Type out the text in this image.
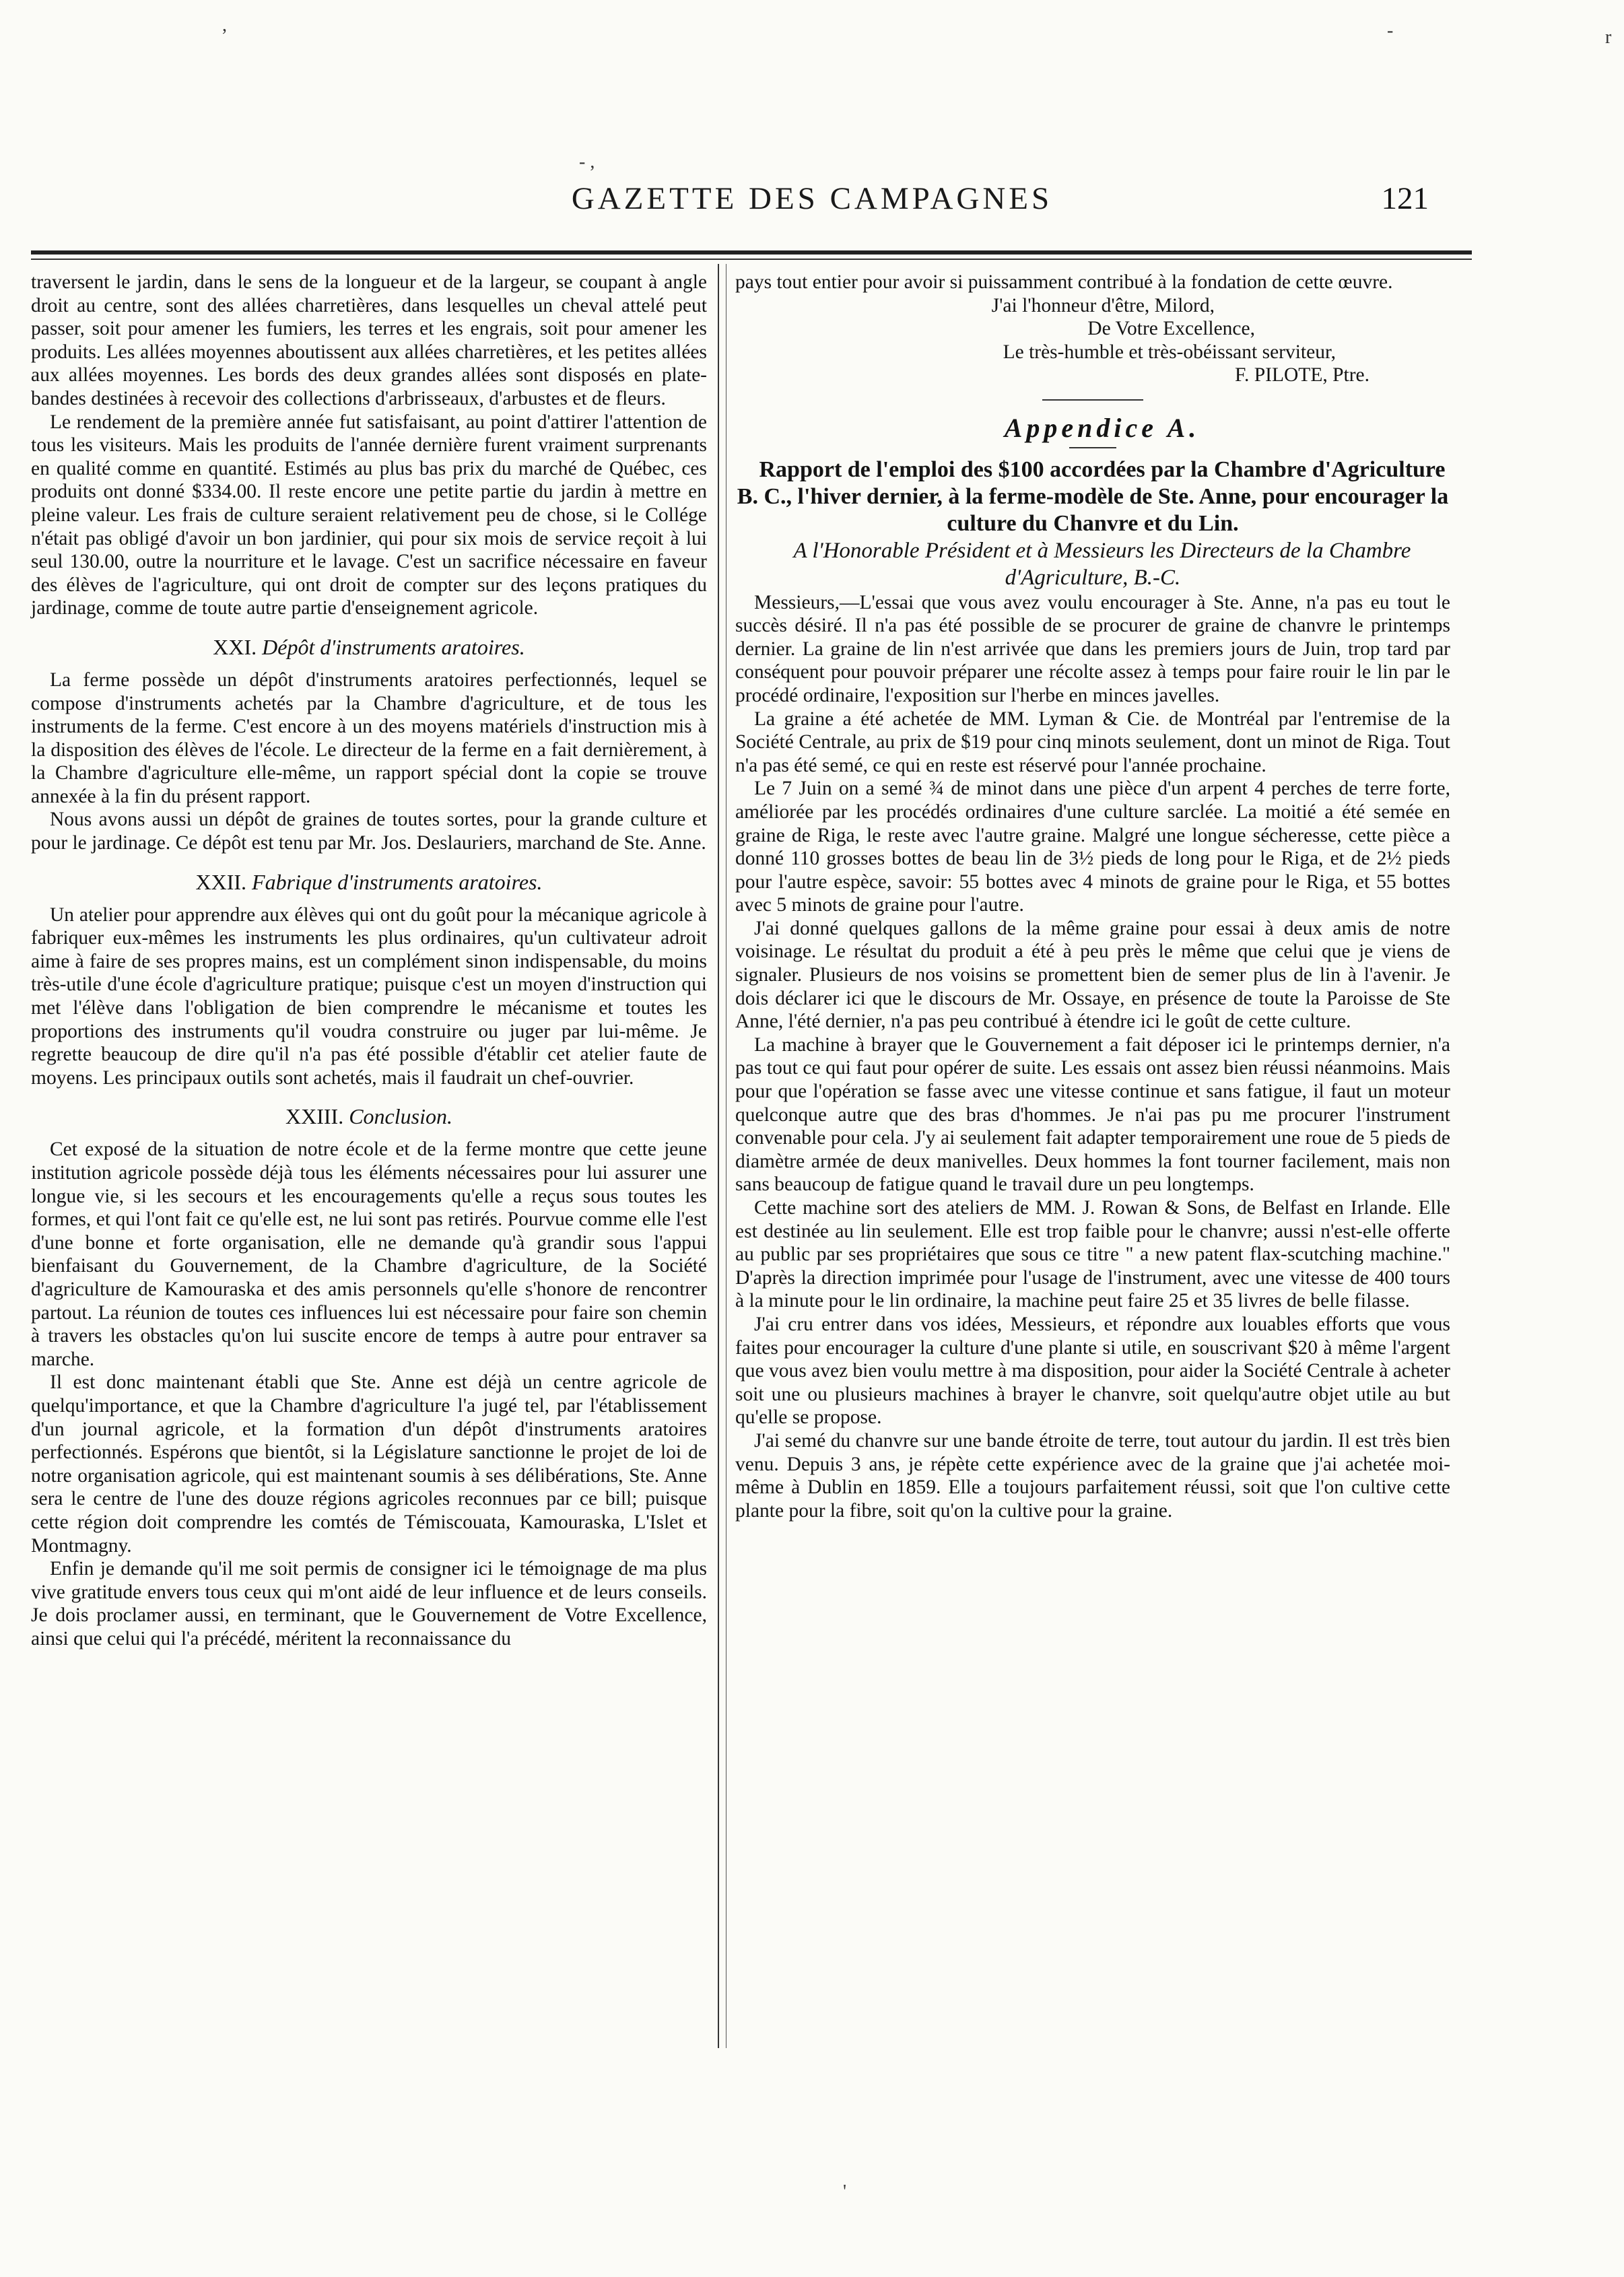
,	-	r
- ,
GAZETTE DES CAMPAGNES	121

traversent le jardin, dans le sens de la longueur et de la largeur, se coupant à angle droit au centre, sont des allées charretières, dans lesquelles un cheval attelé peut passer, soit pour amener les fumiers, les terres et les engrais, soit pour amener les produits. Les allées moyennes aboutissent aux allées charretières, et les petites allées aux allées moyennes. Les bords des deux grandes allées sont disposés en plate-bandes destinées à recevoir des collections d'arbrisseaux, d'arbustes et de fleurs.

Le rendement de la première année fut satisfaisant, au point d'attirer l'attention de tous les visiteurs. Mais les produits de l'année dernière furent vraiment surprenants en qualité comme en quantité. Estimés au plus bas prix du marché de Québec, ces produits ont donné $334.00. Il reste encore une petite partie du jardin à mettre en pleine valeur. Les frais de culture seraient relativement peu de chose, si le Collége n'était pas obligé d'avoir un bon jardinier, qui pour six mois de service reçoit à lui seul 130.00, outre la nourriture et le lavage. C'est un sacrifice nécessaire en faveur des élèves de l'agriculture, qui ont droit de compter sur des leçons pratiques du jardinage, comme de toute autre partie d'enseignement agricole.

XXI. Dépôt d'instruments aratoires.

La ferme possède un dépôt d'instruments aratoires perfectionnés, lequel se compose d'instruments achetés par la Chambre d'agriculture, et de tous les instruments de la ferme. C'est encore à un des moyens matériels d'instruction mis à la disposition des élèves de l'école. Le directeur de la ferme en a fait dernièrement, à la Chambre d'agriculture elle-même, un rapport spécial dont la copie se trouve annexée à la fin du présent rapport.

Nous avons aussi un dépôt de graines de toutes sortes, pour la grande culture et pour le jardinage. Ce dépôt est tenu par Mr. Jos. Deslauriers, marchand de Ste. Anne.

XXII. Fabrique d'instruments aratoires.

Un atelier pour apprendre aux élèves qui ont du goût pour la mécanique agricole à fabriquer eux-mêmes les instruments les plus ordinaires, qu'un cultivateur adroit aime à faire de ses propres mains, est un complément sinon indispensable, du moins très-utile d'une école d'agriculture pratique; puisque c'est un moyen d'instruction qui met l'élève dans l'obligation de bien comprendre le mécanisme et toutes les proportions des instruments qu'il voudra construire ou juger par lui-même. Je regrette beaucoup de dire qu'il n'a pas été possible d'établir cet atelier faute de moyens. Les principaux outils sont achetés, mais il faudrait un chef-ouvrier.

XXIII. Conclusion.

Cet exposé de la situation de notre école et de la ferme montre que cette jeune institution agricole possède déjà tous les éléments nécessaires pour lui assurer une longue vie, si les secours et les encouragements qu'elle a reçus sous toutes les formes, et qui l'ont fait ce qu'elle est, ne lui sont pas retirés. Pourvue comme elle l'est d'une bonne et forte organisation, elle ne demande qu'à grandir sous l'appui bienfaisant du Gouvernement, de la Chambre d'agriculture, de la Société d'agriculture de Kamouraska et des amis personnels qu'elle s'honore de rencontrer partout. La réunion de toutes ces influences lui est nécessaire pour faire son chemin à travers les obstacles qu'on lui suscite encore de temps à autre pour entraver sa marche.

Il est donc maintenant établi que Ste. Anne est déjà un centre agricole de quelqu'importance, et que la Chambre d'agriculture l'a jugé tel, par l'établissement d'un journal agricole, et la formation d'un dépôt d'instruments aratoires perfectionnés. Espérons que bientôt, si la Législature sanctionne le projet de loi de notre organisation agricole, qui est maintenant soumis à ses délibérations, Ste. Anne sera le centre de l'une des douze régions agricoles reconnues par ce bill; puisque cette région doit comprendre les comtés de Témiscouata, Kamouraska, L'Islet et Montmagny.

Enfin je demande qu'il me soit permis de consigner ici le témoignage de ma plus vive gratitude envers tous ceux qui m'ont aidé de leur influence et de leurs conseils. Je dois proclamer aussi, en terminant, que le Gouvernement de Votre Excellence, ainsi que celui qui l'a précédé, méritent la reconnaissance du

pays tout entier pour avoir si puissamment contribué à la fondation de cette œuvre.

J'ai l'honneur d'être, Milord,

De Votre Excellence,

Le très-humble et très-obéissant serviteur,

F. PILOTE, Ptre.

Appendice A.

Rapport de l'emploi des $100 accordées par la Chambre d'Agriculture B. C., l'hiver dernier, à la ferme-modèle de Ste. Anne, pour encourager la culture du Chanvre et du Lin.

A l'Honorable Président et à Messieurs les Directeurs de la Chambre d'Agriculture, B.-C.

Messieurs,—L'essai que vous avez voulu encourager à Ste. Anne, n'a pas eu tout le succès désiré. Il n'a pas été possible de se procurer de graine de chanvre le printemps dernier. La graine de lin n'est arrivée que dans les premiers jours de Juin, trop tard par conséquent pour pouvoir préparer une récolte assez à temps pour faire rouir le lin par le procédé ordinaire, l'exposition sur l'herbe en minces javelles.

La graine a été achetée de MM. Lyman & Cie. de Montréal par l'entremise de la Société Centrale, au prix de $19 pour cinq minots seulement, dont un minot de Riga. Tout n'a pas été semé, ce qui en reste est réservé pour l'année prochaine.

Le 7 Juin on a semé ¾ de minot dans une pièce d'un arpent 4 perches de terre forte, améliorée par les procédés ordinaires d'une culture sarclée. La moitié a été semée en graine de Riga, le reste avec l'autre graine. Malgré une longue sécheresse, cette pièce a donné 110 grosses bottes de beau lin de 3½ pieds de long pour le Riga, et de 2½ pieds pour l'autre espèce, savoir: 55 bottes avec 4 minots de graine pour le Riga, et 55 bottes avec 5 minots de graine pour l'autre.

J'ai donné quelques gallons de la même graine pour essai à deux amis de notre voisinage. Le résultat du produit a été à peu près le même que celui que je viens de signaler. Plusieurs de nos voisins se promettent bien de semer plus de lin à l'avenir. Je dois déclarer ici que le discours de Mr. Ossaye, en présence de toute la Paroisse de Ste Anne, l'été dernier, n'a pas peu contribué à étendre ici le goût de cette culture.

La machine à brayer que le Gouvernement a fait déposer ici le printemps dernier, n'a pas tout ce qui faut pour opérer de suite. Les essais ont assez bien réussi néanmoins. Mais pour que l'opération se fasse avec une vitesse continue et sans fatigue, il faut un moteur quelconque autre que des bras d'hommes. Je n'ai pas pu me procurer l'instrument convenable pour cela. J'y ai seulement fait adapter temporairement une roue de 5 pieds de diamètre armée de deux manivelles. Deux hommes la font tourner facilement, mais non sans beaucoup de fatigue quand le travail dure un peu longtemps.

Cette machine sort des ateliers de MM. J. Rowan & Sons, de Belfast en Irlande. Elle est destinée au lin seulement. Elle est trop faible pour le chanvre; aussi n'est-elle offerte au public par ses propriétaires que sous ce titre " a new patent flax-scutching machine." D'après la direction imprimée pour l'usage de l'instrument, avec une vitesse de 400 tours à la minute pour le lin ordinaire, la machine peut faire 25 et 35 livres de belle filasse.

J'ai cru entrer dans vos idées, Messieurs, et répondre aux louables efforts que vous faites pour encourager la culture d'une plante si utile, en souscrivant $20 à même l'argent que vous avez bien voulu mettre à ma disposition, pour aider la Société Centrale à acheter soit une ou plusieurs machines à brayer le chanvre, soit quelqu'autre objet utile au but qu'elle se propose.

J'ai semé du chanvre sur une bande étroite de terre, tout autour du jardin. Il est très bien venu. Depuis 3 ans, je répète cette expérience avec de la graine que j'ai achetée moi-même à Dublin en 1859. Elle a toujours parfaitement réussi, soit que l'on cultive cette plante pour la fibre, soit qu'on la cultive pour la graine.

'
